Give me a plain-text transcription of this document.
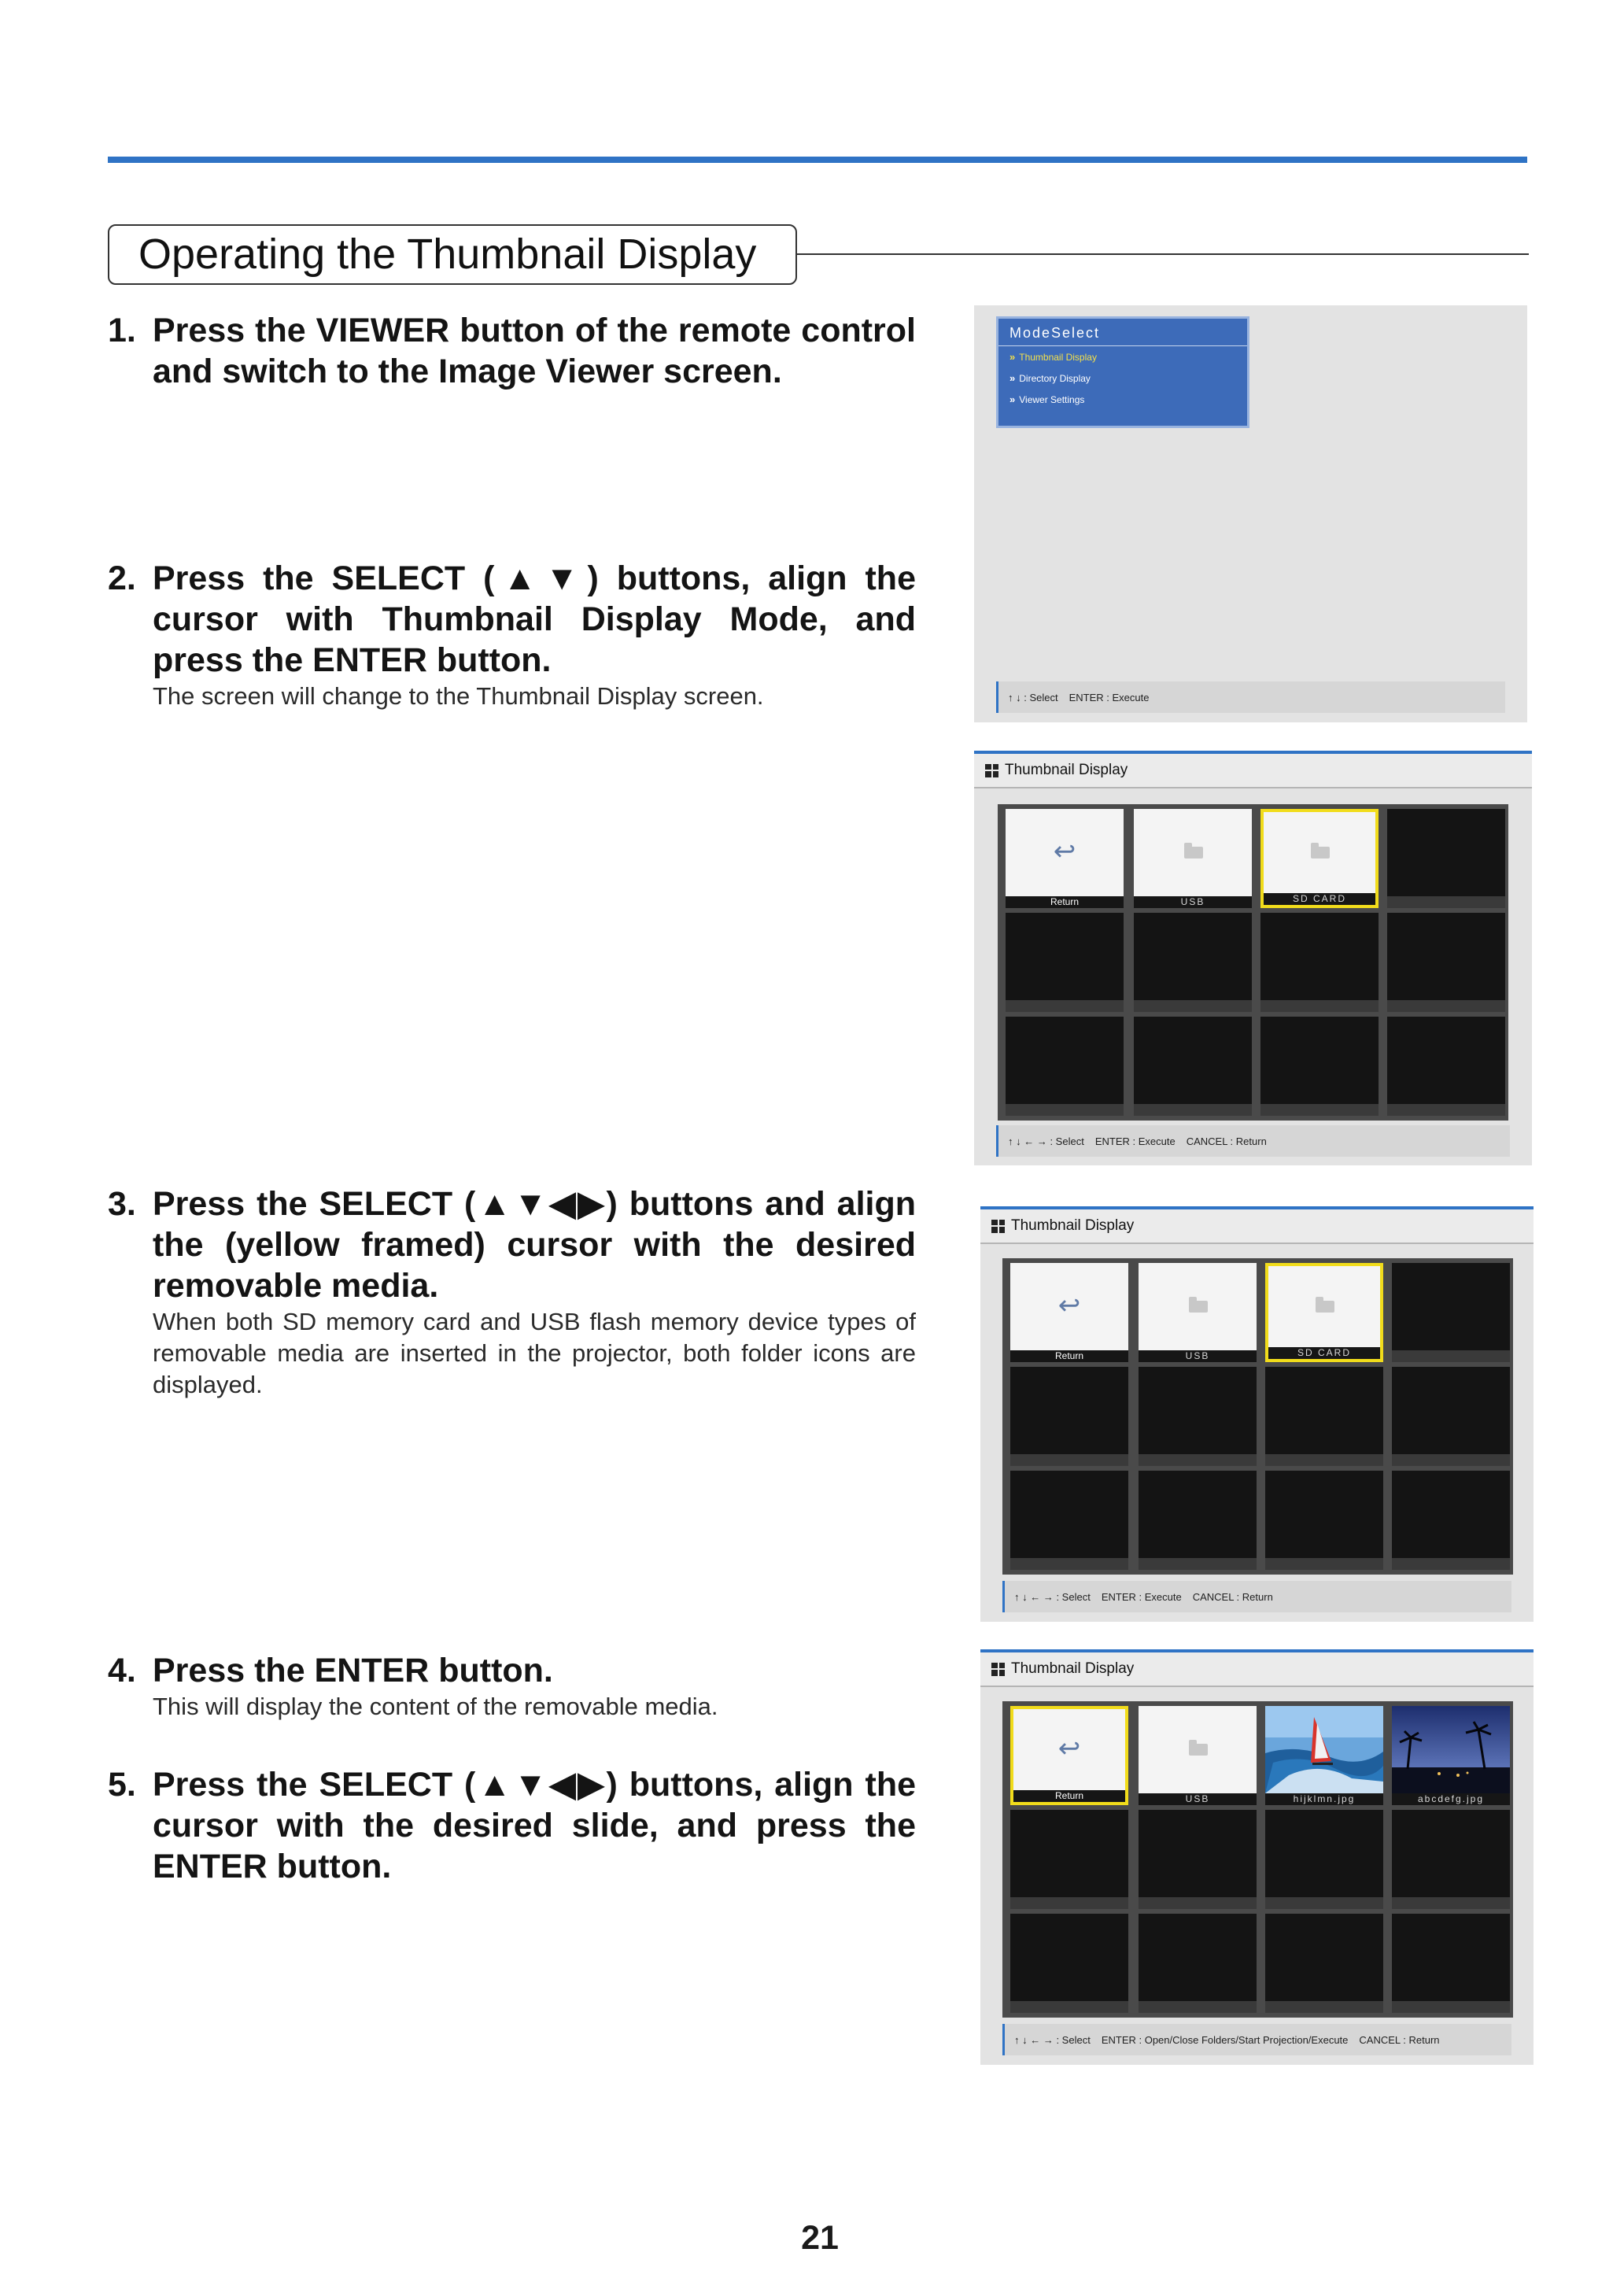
Operating the Thumbnail Display
1. Press the VIEWER button of the remote control and switch to the Image Viewer screen.
2. Press the SELECT (▲▼) buttons, align the cursor with Thumbnail Display Mode, and press the ENTER button.
The screen will change to the Thumbnail Display screen.
3. Press the SELECT (▲▼◀▶) buttons and align the (yellow framed) cursor with the desired removable media.
When both SD memory card and USB flash memory device types of removable media are inserted in the projector, both folder icons are displayed.
4. Press the ENTER button.
This will display the content of the removable media.
5. Press the SELECT (▲▼◀▶) buttons, align the cursor with the desired slide, and press the ENTER button.
ModeSelect
» Thumbnail Display
» Directory Display
» Viewer Settings
↑ ↓ : Select ENTER : Execute
Thumbnail Display
↩
Return	USB	SD CARD
↑ ↓ ← → : Select ENTER : Execute CANCEL : Return
Thumbnail Display
↩
Return	USB	SD CARD
↑ ↓ ← → : Select ENTER : Execute CANCEL : Return
Thumbnail Display
↩
Return	USB	hijklmn.jpg	abcdefg.jpg
↑ ↓ ← → : Select ENTER : Open/Close Folders/Start Projection/Execute CANCEL : Return
21
